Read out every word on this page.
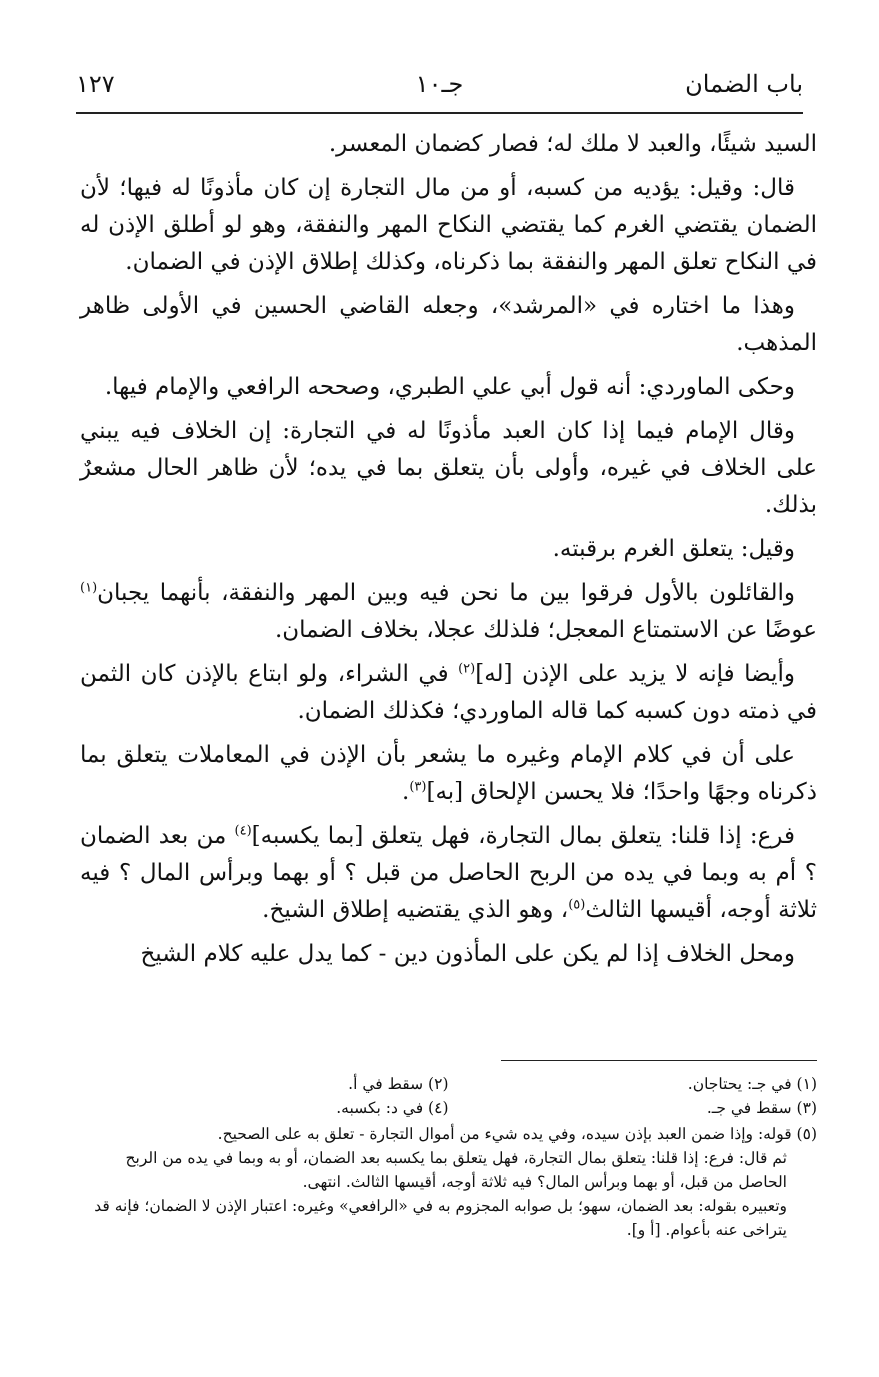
باب الضمان
جـ١٠
١٢٧

السيد شيئًا، والعبد لا ملك له؛ فصار كضمان المعسر.

قال: وقيل: يؤديه من كسبه، أو من مال التجارة إن كان مأذونًا له فيها؛ لأن الضمان يقتضي الغرم كما يقتضي النكاح المهر والنفقة، وهو لو أطلق الإذن له في النكاح تعلق المهر والنفقة بما ذكرناه، وكذلك إطلاق الإذن في الضمان.

وهذا ما اختاره في «المرشد»، وجعله القاضي الحسين في الأولى ظاهر المذهب.

وحكى الماوردي: أنه قول أبي علي الطبري، وصححه الرافعي والإمام فيها.

وقال الإمام فيما إذا كان العبد مأذونًا له في التجارة: إن الخلاف فيه يبني على الخلاف في غيره، وأولى بأن يتعلق بما في يده؛ لأن ظاهر الحال مشعرٌ بذلك.

وقيل: يتعلق الغرم برقبته.

والقائلون بالأول فرقوا بين ما نحن فيه وبين المهر والنفقة، بأنهما يجبان$^{(١)}$ عوضًا عن الاستمتاع المعجل؛ فلذلك عجلا، بخلاف الضمان.

وأيضا فإنه لا يزيد على الإذن [له]$^{(٢)}$ في الشراء، ولو ابتاع بالإذن كان الثمن في ذمته دون كسبه كما قاله الماوردي؛ فكذلك الضمان.

على أن في كلام الإمام وغيره ما يشعر بأن الإذن في المعاملات يتعلق بما ذكرناه وجهًا واحدًا؛ فلا يحسن الإلحاق [به]$^{(٣)}$.

فرع: إذا قلنا: يتعلق بمال التجارة، فهل يتعلق [بما يكسبه]$^{(٤)}$ من بعد الضمان ؟ أم به وبما في يده من الربح الحاصل من قبل ؟ أو بهما وبرأس المال ؟ فيه ثلاثة أوجه، أقيسها الثالث$^{(٥)}$، وهو الذي يقتضيه إطلاق الشيخ.

ومحل الخلاف إذا لم يكن على المأذون دين - كما يدل عليه كلام الشيخ

(١) في جـ: يحتاجان.
(٢) سقط في أ.
(٣) سقط في جـ.
(٤) في د: بكسبه.
(٥) قوله: وإذا ضمن العبد بإذن سيده، وفي يده شيء من أموال التجارة - تعلق به على الصحيح.
ثم قال: فرع: إذا قلنا: يتعلق بمال التجارة، فهل يتعلق بما يكسبه بعد الضمان، أو به وبما في يده من الربح الحاصل من قبل، أو بهما وبرأس المال؟ فيه ثلاثة أوجه، أقيسها الثالث. انتهى.
وتعبيره بقوله: بعد الضمان، سهو؛ بل صوابه المجزوم به في «الرافعي» وغيره: اعتبار الإذن لا الضمان؛ فإنه قد يتراخى عنه بأعوام. [أ و].
